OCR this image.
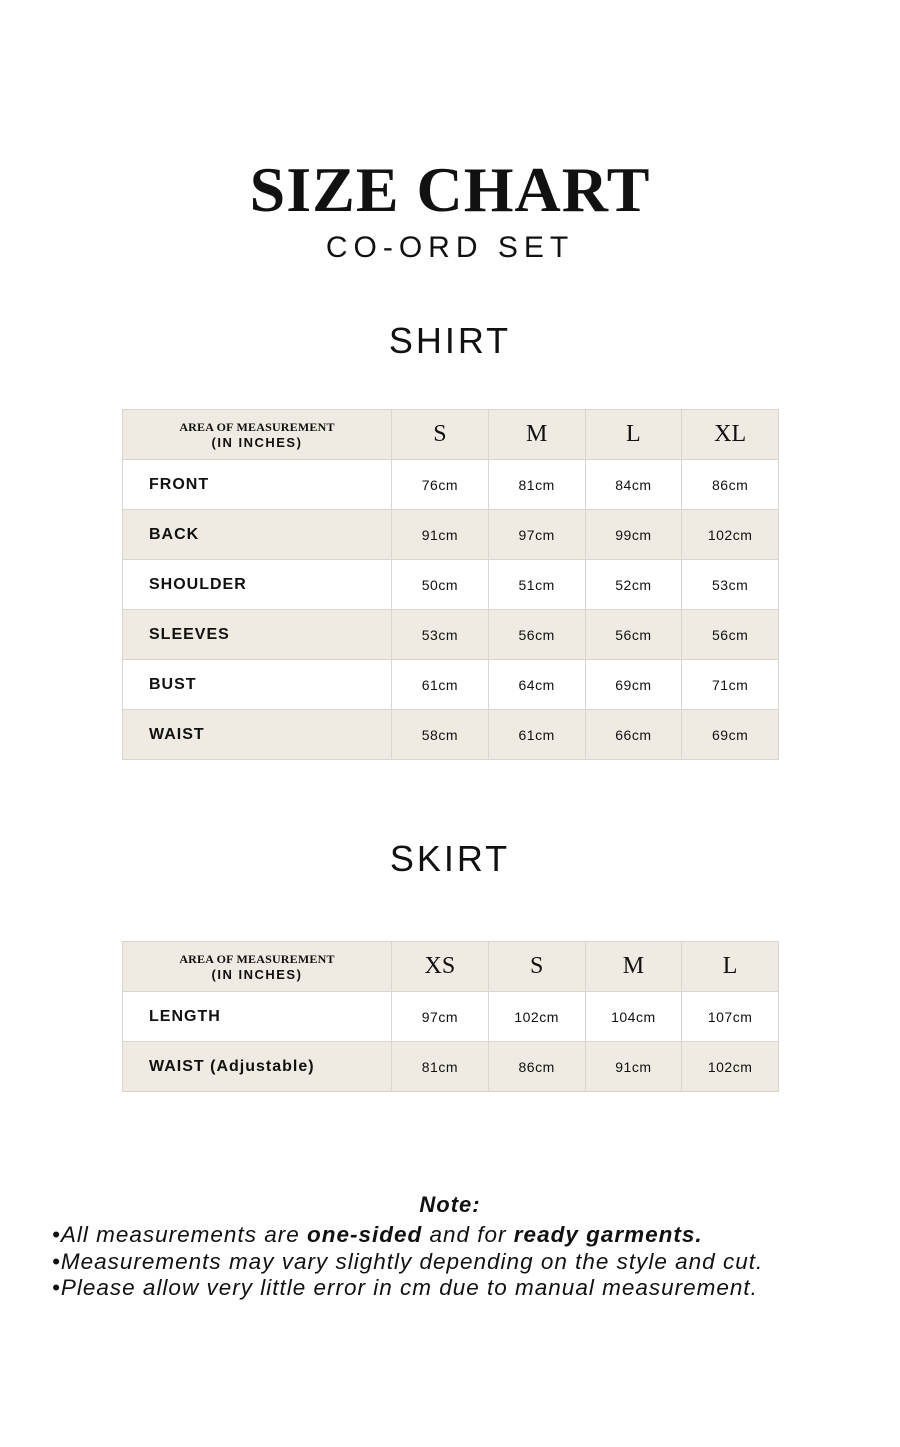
SIZE CHART
CO-ORD SET
SHIRT
AREA OF MEASUREMENT
(IN INCHES)	S	M	L	XL
FRONT	76cm	81cm	84cm	86cm
BACK	91cm	97cm	99cm	102cm
SHOULDER	50cm	51cm	52cm	53cm
SLEEVES	53cm	56cm	56cm	56cm
BUST	61cm	64cm	69cm	71cm
WAIST	58cm	61cm	66cm	69cm
SKIRT
AREA OF MEASUREMENT
(IN INCHES)	XS	S	M	L
LENGTH	97cm	102cm	104cm	107cm
WAIST (Adjustable)	81cm	86cm	91cm	102cm
Note:
•All measurements are one-sided and for ready garments.
•Measurements may vary slightly depending on the style and cut.
•Please allow very little error in cm due to manual measurement.
